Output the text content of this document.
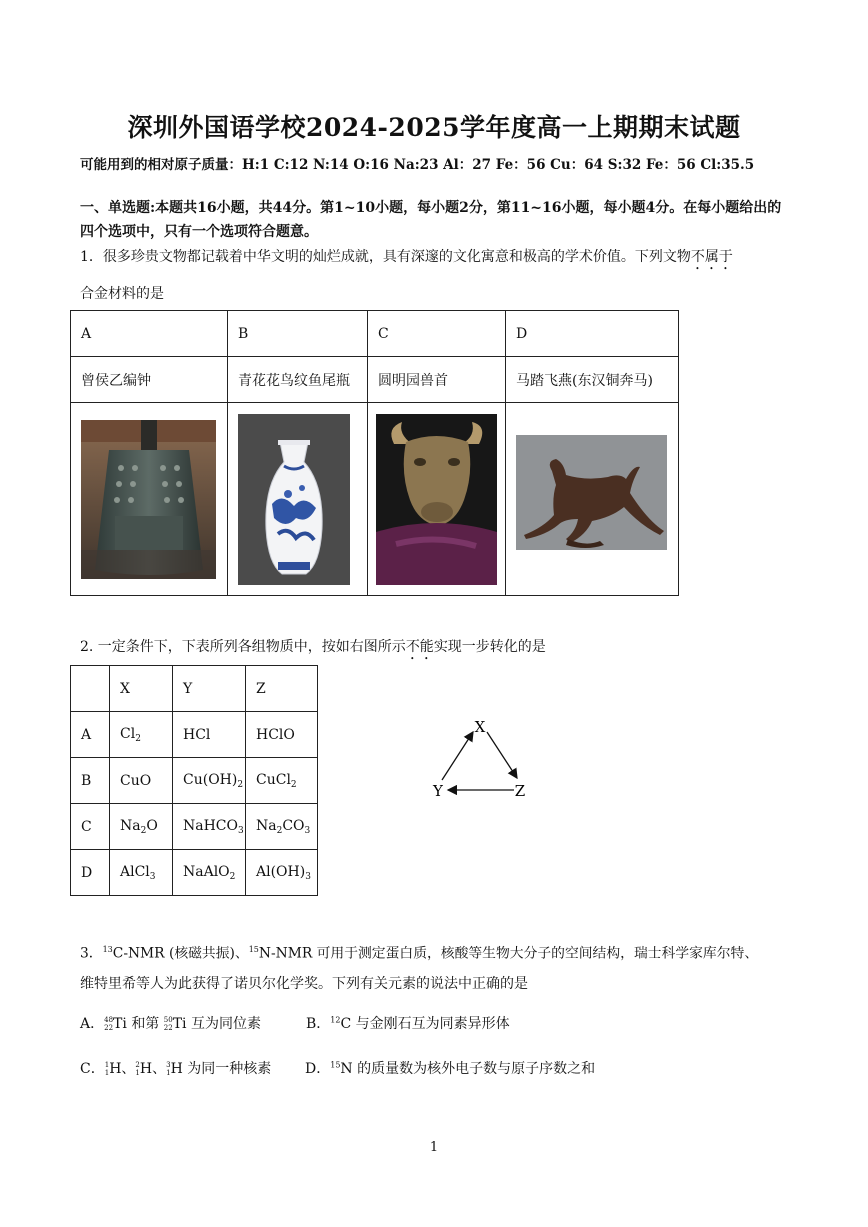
深圳外国语学校2024-2025学年度高一上期期末试题
可能用到的相对原子质量：H:1 C:12 N:14 O:16 Na:23 Al：27 Fe：56 Cu：64 S:32 Fe：56 Cl:35.5
一、单选题:本题共16小题，共44分。第1~10小题，每小题2分，第11~16小题，每小题4分。在每小题给出的四个选项中，只有一个选项符合题意。
1．很多珍贵文物都记载着中华文明的灿烂成就，具有深邃的文化寓意和极高的学术价值。下列文物不属于
合金材料的是
A	B	C	D
曾侯乙编钟	青花花鸟纹鱼尾瓶	圆明园兽首	马踏飞燕(东汉铜奔马)

2. 一定条件下，下表所列各组物质中，按如右图所示不能实现一步转化的是
	X	Y	Z
A	$Cl_2$	HCl	HClO
B	CuO	$Cu(OH)_2$	CuCl$_2$
C	$Na_2O$	NaHCO$_3$	$Na_2CO_3$
D	AlCl$_3$	NaAlO$_2$	$Al(OH)_3$
X
Y	Z
3．$^{13}$C-NMR (核磁共振)、$^{15}$N-NMR 可用于测定蛋白质，核酸等生物大分子的空间结构，瑞士科学家库尔特、
维特里希等人为此获得了诺贝尔化学奖。下列有关元素的说法中正确的是
A．48
22Ti 和第 50
22Ti 互为同位素	B．$^{12}$C 与金刚石互为同素异形体
C．1
1H、2
1H、3
1H 为同一种核素 D．$^{15}$N 的质量数为核外电子数与原子序数之和
1
